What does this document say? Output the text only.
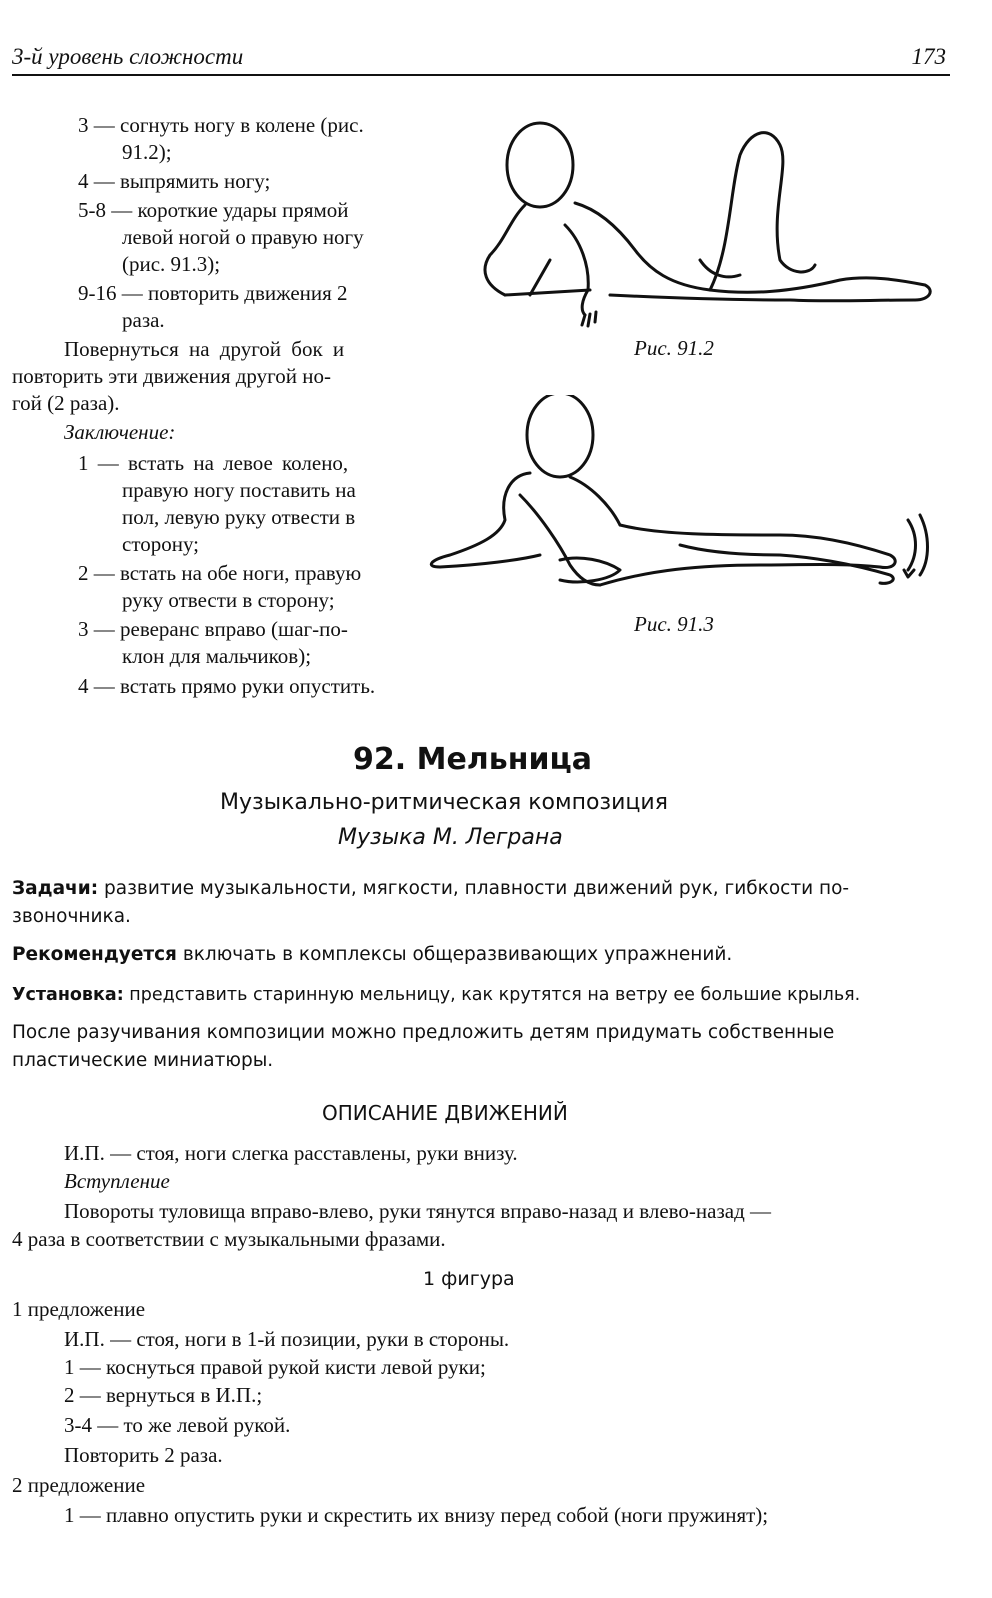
3-й уровень сложности	173
3 — согнуть ногу в колене (рис.
91.2);
4 — выпрямить ногу;
5-8 — короткие удары прямой
левой ногой о правую ногу
(рис. 91.3);
9-16 — повторить движения 2
раза.
Повернуться на другой бок и
повторить эти движения другой но-
гой (2 раза).
Заключение:
1 — встать на левое колено,
правую ногу поставить на
пол, левую руку отвести в
сторону;
2 — встать на обе ноги, правую
руку отвести в сторону;
3 — реверанс вправо (шаг-по-
клон для мальчиков);
4 — встать прямо руки опустить.
Рис. 91.2
Рис. 91.3
92. Мельница
Музыкально-ритмическая композиция
Музыка М. Леграна
Задачи: развитие музыкальности, мягкости, плавности движений рук, гибкости по-
звоночника.
Рекомендуется включать в комплексы общеразвивающих упражнений.
Установка: представить старинную мельницу, как крутятся на ветру ее большие крылья.
После разучивания композиции можно предложить детям придумать собственные
пластические миниатюры.
ОПИСАНИЕ ДВИЖЕНИЙ
И.П. — стоя, ноги слегка расставлены, руки внизу.
Вступление
Повороты туловища вправо-влево, руки тянутся вправо-назад и влево-назад —
4 раза в соответствии с музыкальными фразами.
1 фигура
1 предложение
И.П. — стоя, ноги в 1-й позиции, руки в стороны.
1 — коснуться правой рукой кисти левой руки;
2 — вернуться в И.П.;
3-4 — то же левой рукой.
Повторить 2 раза.
2 предложение
1 — плавно опустить руки и скрестить их внизу перед собой (ноги пружинят);
